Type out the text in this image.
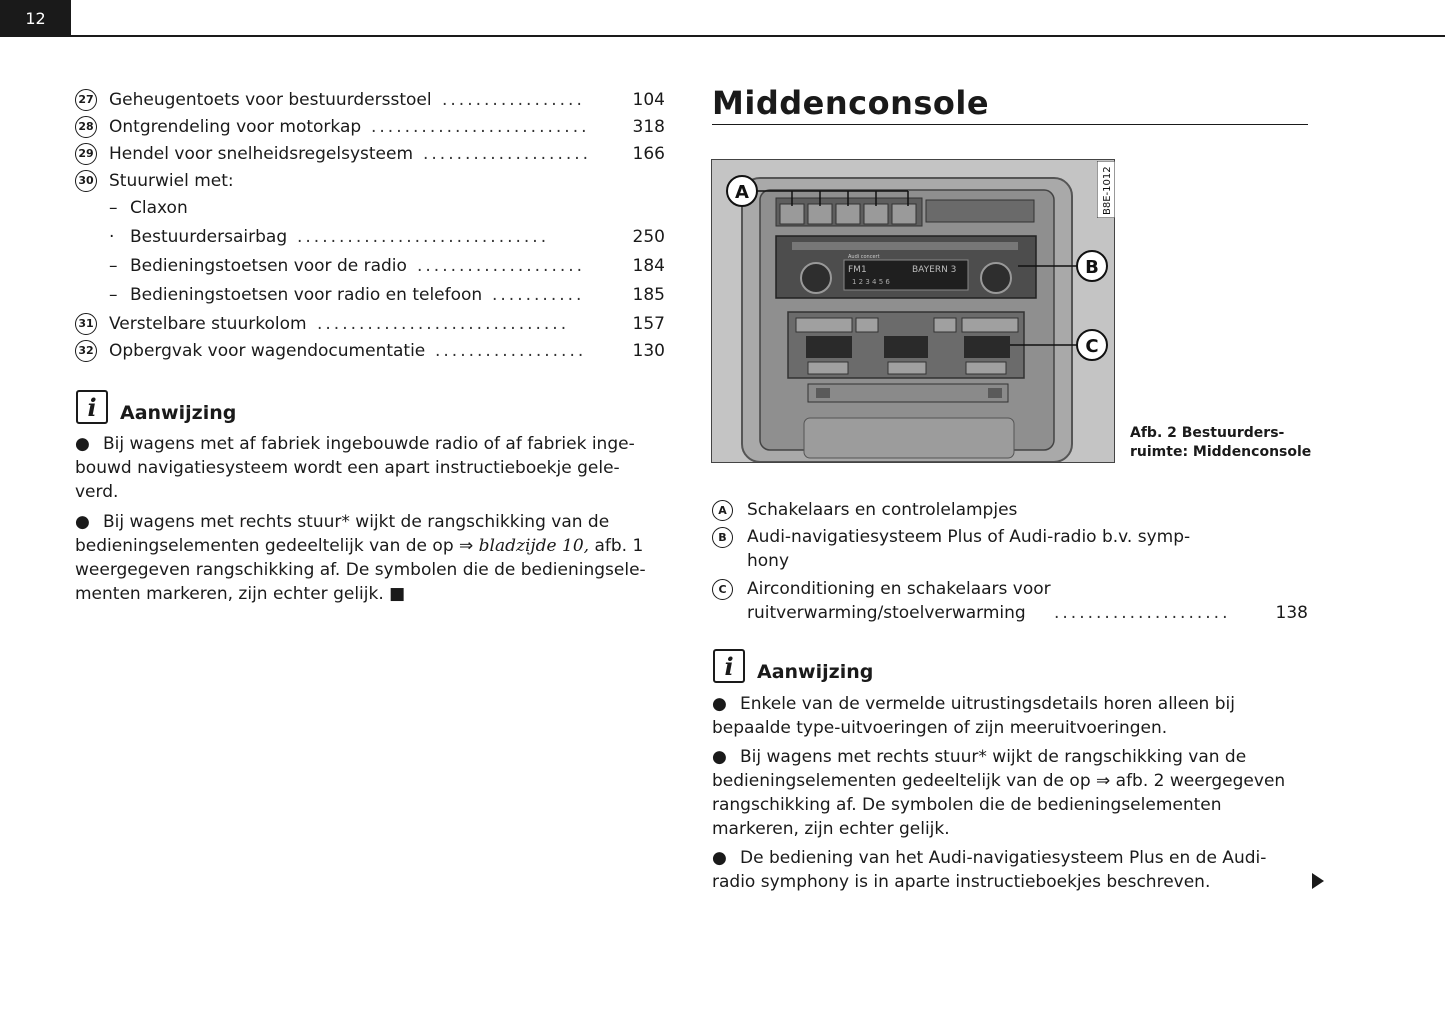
12
27 Geheugentoets voor bestuurdersstoel .................	104
28 Ontgrendeling voor motorkap ..........................	318
29 Hendel voor snelheidsregelsysteem ....................	166
30 Stuurwiel met:
– Claxon
· Bestuurdersairbag ..............................	250
– Bedieningstoetsen voor de radio ....................	184
– Bedieningstoetsen voor radio en telefoon ...........	185
31 Verstelbare stuurkolom ..............................	157
32 Opbergvak voor wagendocumentatie ..................	130
i	Aanwijzing
● Bij wagens met af fabriek ingebouwde radio of af fabriek inge-
bouwd navigatiesysteem wordt een apart instructieboekje gele-
verd.
● Bij wagens met rechts stuur* wijkt de rangschikking van de
bedieningselementen gedeeltelijk van de op ⇒ bladzijde 10, afb. 1
weergegeven rangschikking af. De symbolen die de bedieningsele-
menten markeren, zijn echter gelijk. ■
Middenconsole
FM1	BAYERN 3
1 2 3 4 5 6
Audi concert
A
B
C
B8E-1012
Afb. 2 Bestuurders-
ruimte: Middenconsole
A	Schakelaars en controlelampjes
B	Audi-navigatiesysteem Plus of Audi-radio b.v. symp-
hony
C	Airconditioning en schakelaars voor
ruitverwarming/stoelverwarming .....................	138
i	Aanwijzing
● Enkele van de vermelde uitrustingsdetails horen alleen bij
bepaalde type-uitvoeringen of zijn meeruitvoeringen.
● Bij wagens met rechts stuur* wijkt de rangschikking van de
bedieningselementen gedeeltelijk van de op ⇒ afb. 2 weergegeven
rangschikking af. De symbolen die de bedieningselementen
markeren, zijn echter gelijk.
● De bediening van het Audi-navigatiesysteem Plus en de Audi-
radio symphony is in aparte instructieboekjes beschreven.
